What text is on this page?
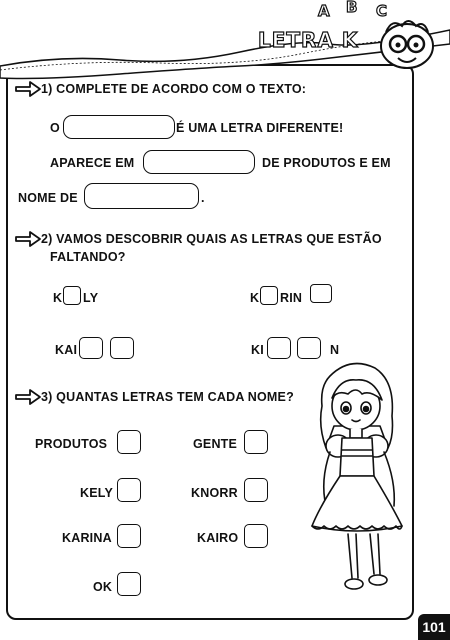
LETRA K
A B C
1) COMPLETE DE ACORDO COM O TEXTO:
O	É UMA LETRA DIFERENTE!
APARECE EM	DE PRODUTOS E EM
NOME DE	.
2) VAMOS DESCOBRIR QUAIS AS LETRAS QUE ESTÃO
FALTANDO?
K LY	K RIN
KAI	KI	N
3) QUANTAS LETRAS TEM CADA NOME?
PRODUTOS	GENTE
KELY	KNORR
KARINA	KAIRO
OK
101
